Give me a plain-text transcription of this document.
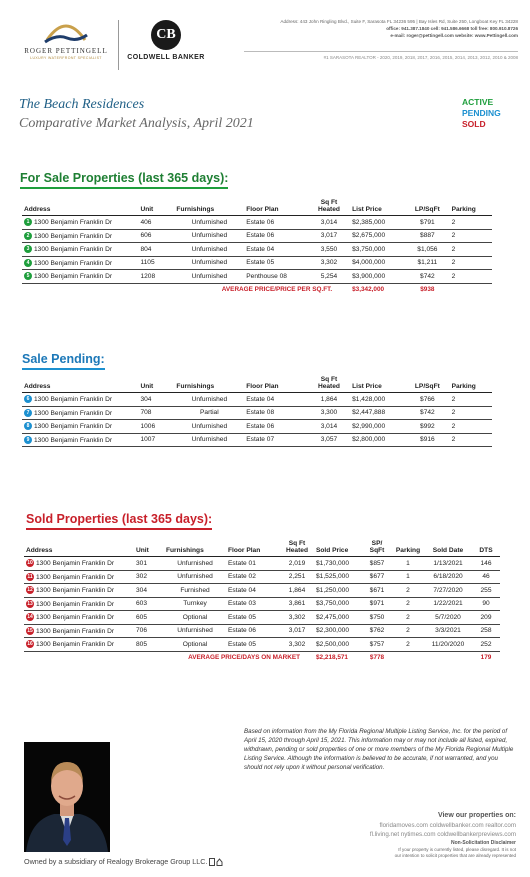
ROGER PETTINGELL
LUXURY WATERFRONT SPECIALIST
CB
COLDWELL BANKER
Address: 443 John Ringling Blvd., Suite F, Sarasota FL 34236 595 | Bay Isles Rd, Suite 250, Longboat Key FL 34228
office: 941.387.1840 cell: 941.586.6668 toll free: 800.910.8726
e-mail: roger@pettingell.com website: www.Pettingell.com
#1 SARASOTA REALTOR - 2020, 2019, 2018, 2017, 2016, 2015, 2014, 2013, 2012, 2010 & 2008
The Beach Residences
Comparative Market Analysis, April 2021
ACTIVE
PENDING
SOLD
For Sale Properties (last 365 days):
Address	Unit	Furnishings	Floor Plan	Sq Ft Heated	List Price	LP/SqFt	Parking
1 1300 Benjamin Franklin Dr	406	Unfurnished	Estate 06	3,014	$2,385,000	$791	2
2 1300 Benjamin Franklin Dr	606	Unfurnished	Estate 06	3,017	$2,675,000	$887	2
3 1300 Benjamin Franklin Dr	804	Unfurnished	Estate 04	3,550	$3,750,000	$1,056	2
4 1300 Benjamin Franklin Dr	1105	Unfurnished	Estate 05	3,302	$4,000,000	$1,211	2
5 1300 Benjamin Franklin Dr	1208	Unfurnished	Penthouse 08	5,254	$3,900,000	$742	2
AVERAGE PRICE/PRICE PER SQ.FT.					$3,342,000	$938	
Sale Pending:
Address	Unit	Furnishings	Floor Plan	Sq Ft Heated	List Price	LP/SqFt	Parking
6 1300 Benjamin Franklin Dr	304	Unfurnished	Estate 04	1,864	$1,428,000	$766	2
7 1300 Benjamin Franklin Dr	708	Partial	Estate 08	3,300	$2,447,888	$742	2
8 1300 Benjamin Franklin Dr	1006	Unfurnished	Estate 06	3,014	$2,990,000	$992	2
9 1300 Benjamin Franklin Dr	1007	Unfurnished	Estate 07	3,057	$2,800,000	$916	2
Sold Properties (last 365 days):
Address	Unit	Furnishings	Floor Plan	Sq Ft Heated	Sold Price	SP/ SqFt	Parking	Sold Date	DTS
10 1300 Benjamin Franklin Dr	301	Unfurnished	Estate 01	2,019	$1,730,000	$857	1	1/13/2021	146
11 1300 Benjamin Franklin Dr	302	Unfurnished	Estate 02	2,251	$1,525,000	$677	1	6/18/2020	46
12 1300 Benjamin Franklin Dr	304	Furnished	Estate 04	1,864	$1,250,000	$671	2	7/27/2020	255
13 1300 Benjamin Franklin Dr	603	Turnkey	Estate 03	3,861	$3,750,000	$971	2	1/22/2021	90
14 1300 Benjamin Franklin Dr	605	Optional	Estate 05	3,302	$2,475,000	$750	2	5/7/2020	209
15 1300 Benjamin Franklin Dr	706	Unfurnished	Estate 06	3,017	$2,300,000	$762	2	3/3/2021	258
16 1300 Benjamin Franklin Dr	805	Optional	Estate 05	3,302	$2,500,000	$757	2	11/20/2020	252
AVERAGE PRICE/DAYS ON MARKET					$2,218,571	$778			179
Based on information from the My Florida Regional Multiple Listing Service, Inc. for the period of April 15, 2020 through April 15, 2021. This information may or may not include all listed, expired, withdrawn, pending or sold properties of one or more members of the My Florida Regional Multiple Listing Service. Although the information is believed to be accurate, if not warranted, and you should not rely upon it without personal verification.
Owned by a subsidiary of Realogy Brokerage Group LLC.
View our properties on:
floridamoves.com coldwellbanker.com realtor.com
fl.living.net nytimes.com coldwellbankerpreviews.com
Non-Solicitation Disclaimer
If your property is currently listed, please disregard. It is not
our intention to solicit properties that are already represented
